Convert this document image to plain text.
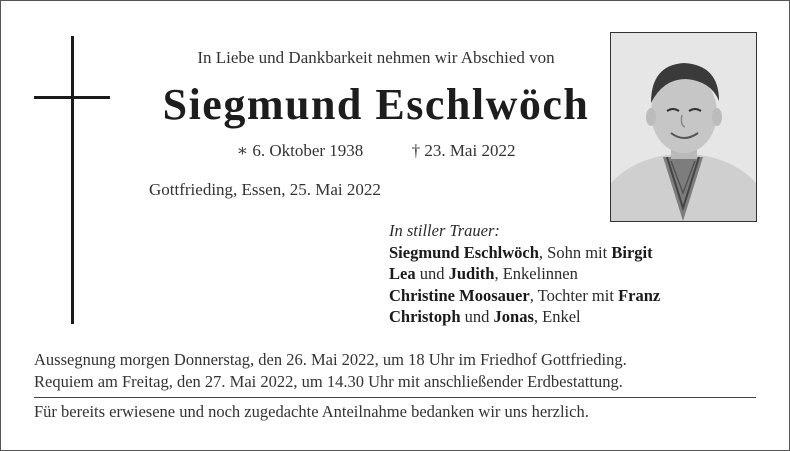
In Liebe und Dankbarkeit nehmen wir Abschied von
Siegmund Eschlwöch
∗ 6. Oktober 1938	† 23. Mai 2022
Gottfrieding, Essen, 25. Mai 2022
In stiller Trauer:
Siegmund Eschlwöch, Sohn mit Birgit
Lea und Judith, Enkelinnen
Christine Moosauer, Tochter mit Franz
Christoph und Jonas, Enkel
Aussegnung morgen Donnerstag, den 26. Mai 2022, um 18 Uhr im Friedhof Gottfrieding.
Requiem am Freitag, den 27. Mai 2022, um 14.30 Uhr mit anschließender Erdbestattung.
Für bereits erwiesene und noch zugedachte Anteilnahme bedanken wir uns herzlich.
